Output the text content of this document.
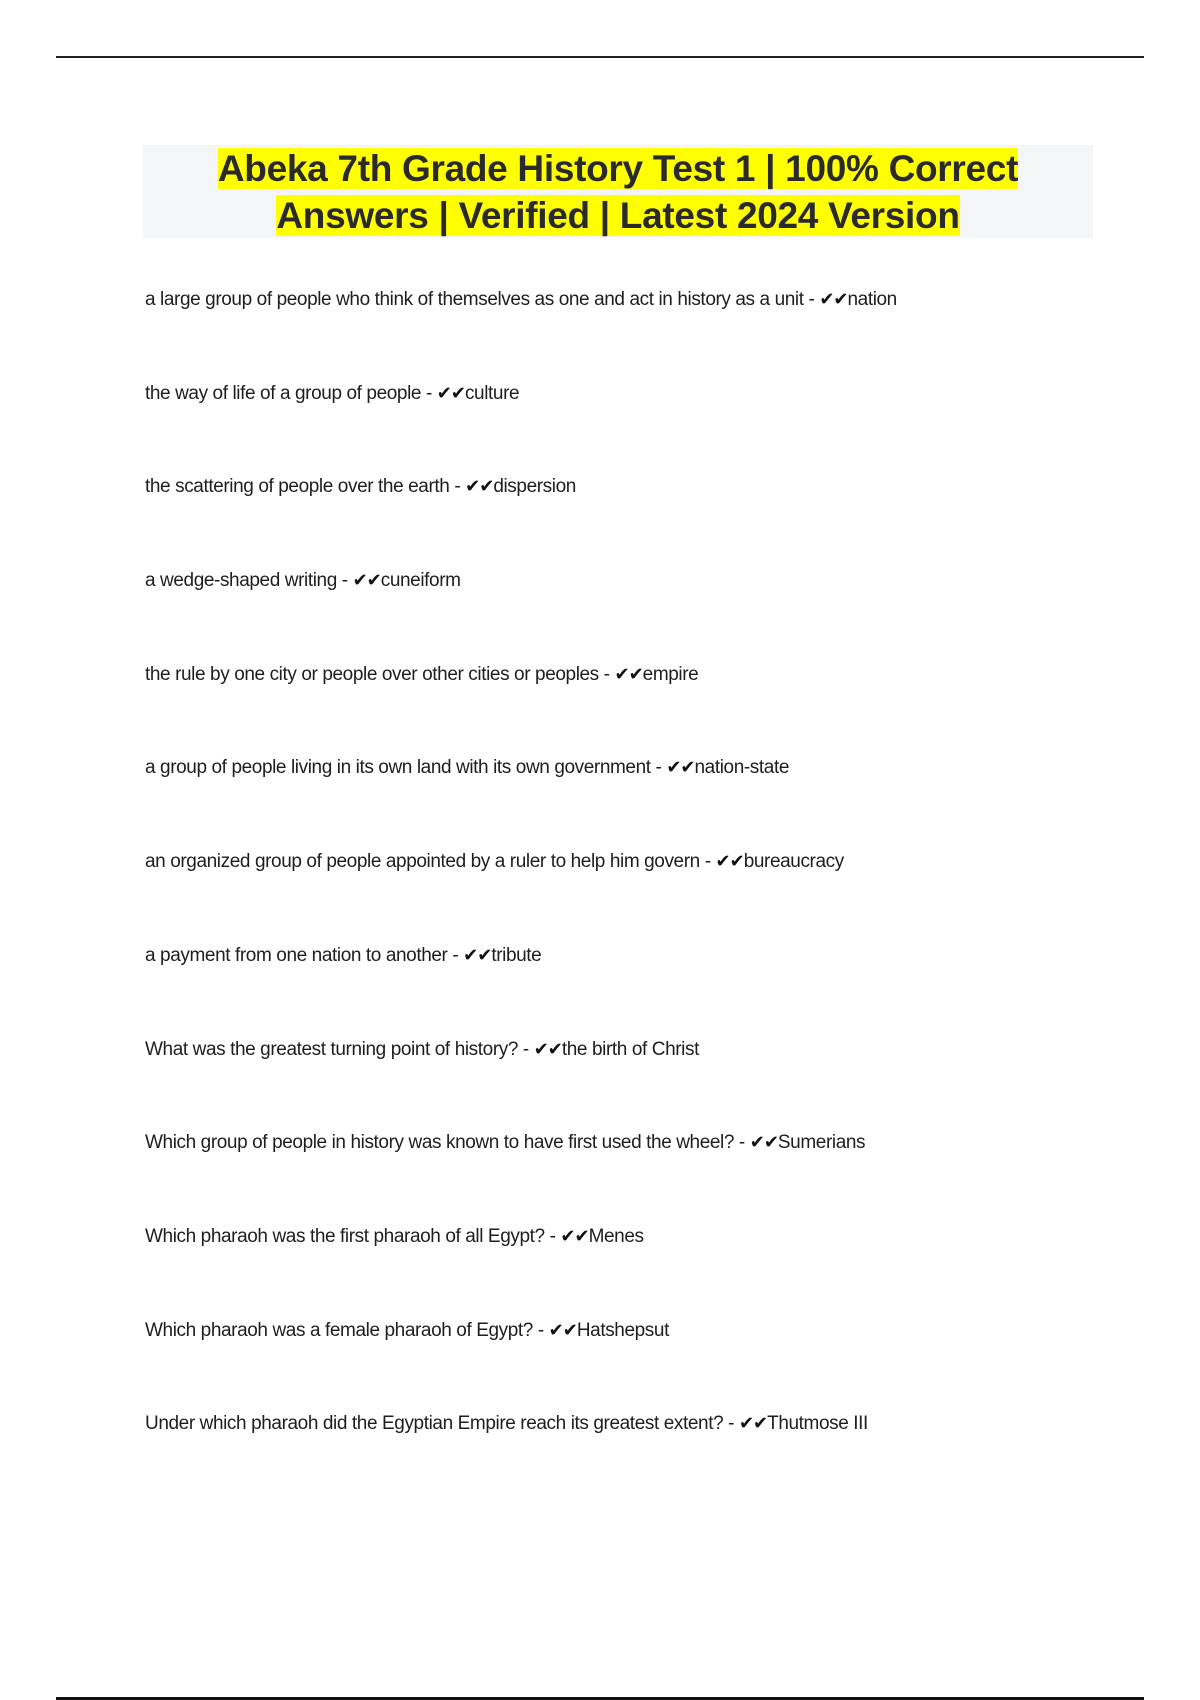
Abeka 7th Grade History Test 1 | 100% Correct
Answers | Verified | Latest 2024 Version
a large group of people who think of themselves as one and act in history as a unit - ✔✔nation
the way of life of a group of people - ✔✔culture
the scattering of people over the earth - ✔✔dispersion
a wedge-shaped writing - ✔✔cuneiform
the rule by one city or people over other cities or peoples - ✔✔empire
a group of people living in its own land with its own government - ✔✔nation-state
an organized group of people appointed by a ruler to help him govern - ✔✔bureaucracy
a payment from one nation to another - ✔✔tribute
What was the greatest turning point of history? - ✔✔the birth of Christ
Which group of people in history was known to have first used the wheel? - ✔✔Sumerians
Which pharaoh was the first pharaoh of all Egypt? - ✔✔Menes
Which pharaoh was a female pharaoh of Egypt? - ✔✔Hatshepsut
Under which pharaoh did the Egyptian Empire reach its greatest extent? - ✔✔Thutmose III
